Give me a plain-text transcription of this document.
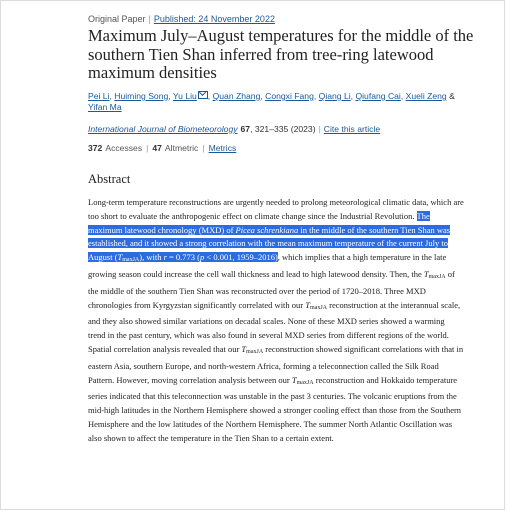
Original Paper | Published: 24 November 2022
Maximum July–August temperatures for the middle of the southern Tien Shan inferred from tree-ring latewood maximum densities
Pei Li, Huiming Song, Yu Liu , Quan Zhang, Congxi Fang, Qiang Li, Qiufang Cai, Xueli Zeng & Yifan Ma
International Journal of Biometeorology 67, 321–335 (2023) | Cite this article
372 Accesses | 47 Altmetric | Metrics
Abstract

Long-term temperature reconstructions are urgently needed to prolong meteorological climatic data, which are too short to evaluate the anthropogenic effect on climate change since the Industrial Revolution. The maximum latewood chronology (MXD) of Picea schrenkiana in the middle of the southern Tien Shan was established, and it showed a strong correlation with the mean maximum temperature of the current July to August (TmaxJA), with r = 0.773 (p < 0.001, 1959–2016), which implies that a high temperature in the late growing season could increase the cell wall thickness and lead to high latewood density. Then, the TmaxJA of the middle of the southern Tien Shan was reconstructed over the period of 1720–2018. Three MXD chronologies from Kyrgyzstan significantly correlated with our TmaxJA reconstruction at the interannual scale, and they also showed similar variations on decadal scales. None of these MXD series showed a warming trend in the past century, which was also found in several MXD series from different regions of the world. Spatial correlation analysis revealed that our TmaxJA reconstruction showed significant correlations with that in eastern Asia, southern Europe, and north-western Africa, forming a teleconnection called the Silk Road Pattern. However, moving correlation analysis between our TmaxJA reconstruction and Hokkaido temperature series indicated that this teleconnection was unstable in the past 3 centuries. The volcanic eruptions from the mid-high latitudes in the Northern Hemisphere showed a stronger cooling effect than those from the Southern Hemisphere and the low latitudes of the Northern Hemisphere. The summer North Atlantic Oscillation was also shown to affect the temperature in the Tien Shan to a certain extent.
